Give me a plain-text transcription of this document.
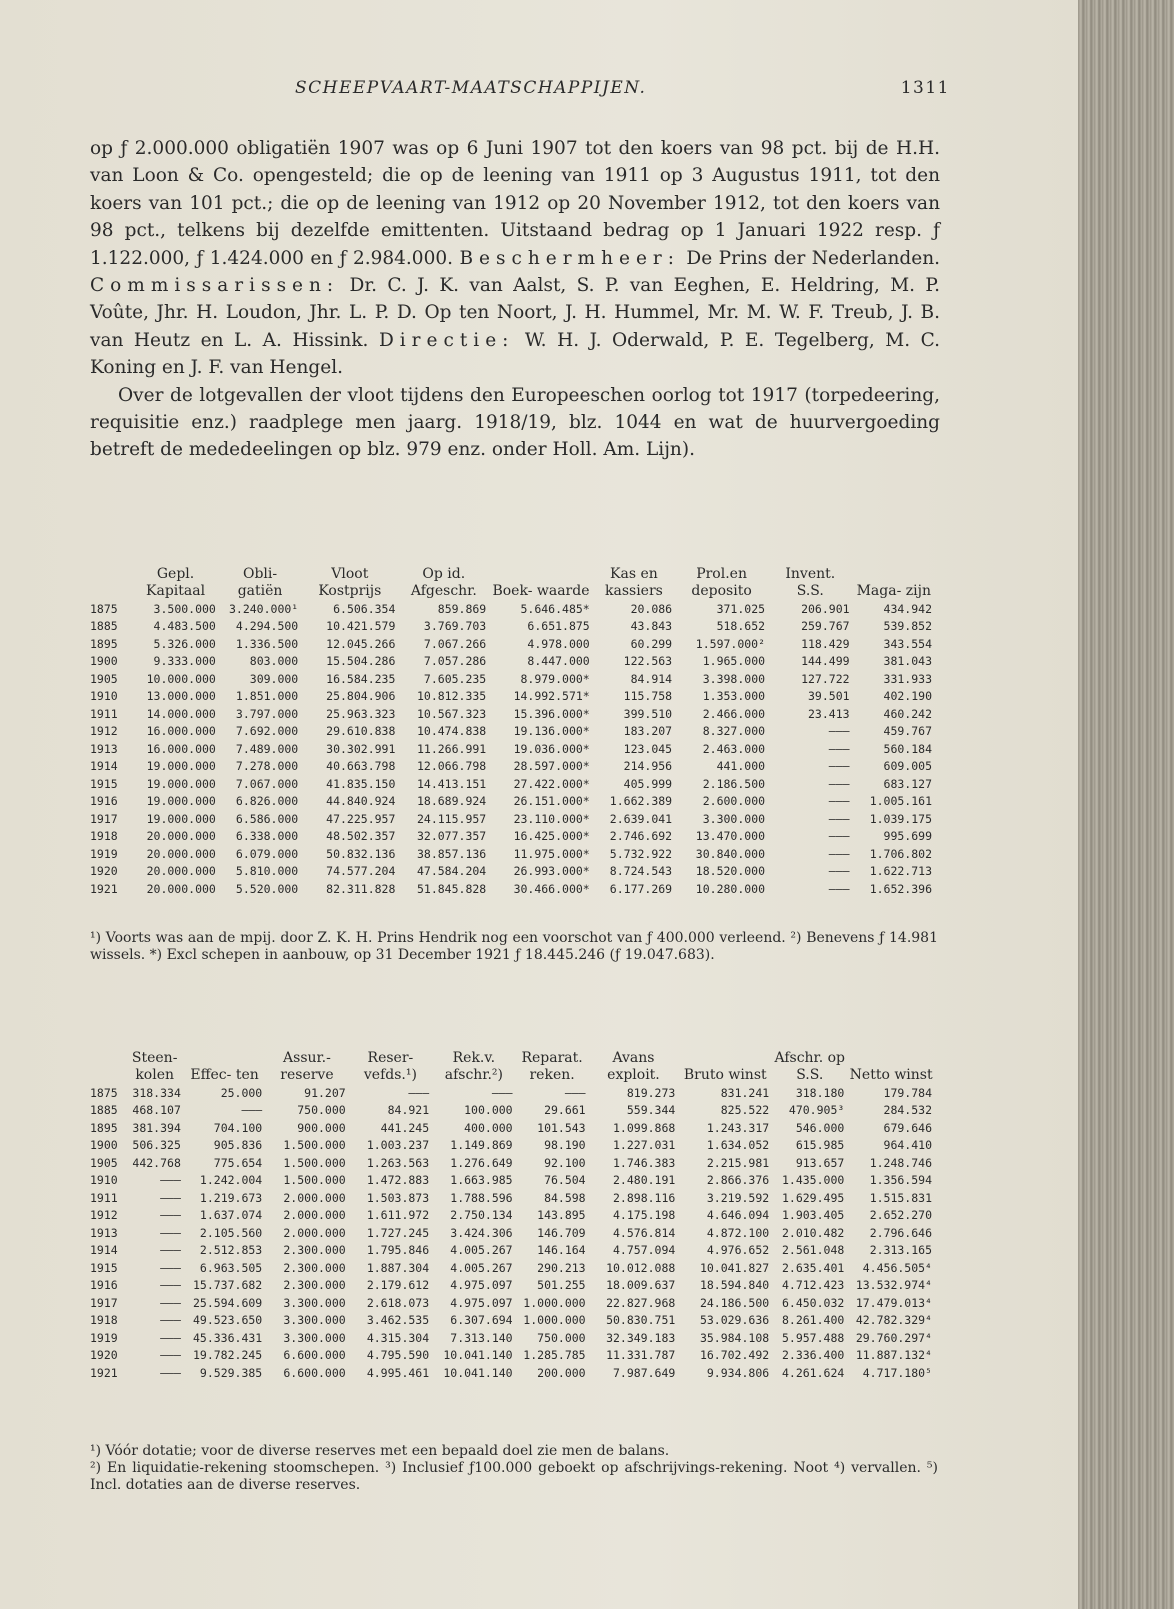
SCHEEPVAART-MAATSCHAPPIJEN.	1311

op ƒ 2.000.000 obligatiën 1907 was op 6 Juni 1907 tot den koers van 98 pct. bij de H.H. van Loon & Co. opengesteld; die op de leening van 1911 op 3 Augustus 1911, tot den koers van 101 pct.; die op de leening van 1912 op 20 November 1912, tot den koers van 98 pct., telkens bij dezelfde emittenten. Uitstaand bedrag op 1 Januari 1922 resp. ƒ 1.122.000, ƒ 1.424.000 en ƒ 2.984.000. Beschermheer: De Prins der Nederlanden. Commissarissen: Dr. C. J. K. van Aalst, S. P. van Eeghen, E. Heldring, M. P. Voûte, Jhr. H. Loudon, Jhr. L. P. D. Op ten Noort, J. H. Hummel, Mr. M. W. F. Treub, J. B. van Heutz en L. A. Hissink. Directie: W. H. J. Oderwald, P. E. Tegelberg, M. C. Koning en J. F. van Hengel.

Over de lotgevallen der vloot tijdens den Europeeschen oorlog tot 1917 (torpedeering, requisitie enz.) raadplege men jaarg. 1918/19, blz. 1044 en wat de huurvergoeding betreft de mededeelingen op blz. 979 enz. onder Holl. Am. Lijn).

	Gepl. Kapitaal	Obli- gatiën	Vloot Kostprijs	Op id. Afgeschr.	Boek- waarde	Kas en kassiers	Prol.en deposito	Invent. S.S.	Maga- zijn
1875	3.500.000	3.240.000¹	6.506.354	859.869	5.646.485*	20.086	371.025	206.901	434.942
1885	4.483.500	4.294.500	10.421.579	3.769.703	6.651.875	43.843	518.652	259.767	539.852
1895	5.326.000	1.336.500	12.045.266	7.067.266	4.978.000	60.299	1.597.000²	118.429	343.554
1900	9.333.000	803.000	15.504.286	7.057.286	8.447.000	122.563	1.965.000	144.499	381.043
1905	10.000.000	309.000	16.584.235	7.605.235	8.979.000*	84.914	3.398.000	127.722	331.933
1910	13.000.000	1.851.000	25.804.906	10.812.335	14.992.571*	115.758	1.353.000	39.501	402.190
1911	14.000.000	3.797.000	25.963.323	10.567.323	15.396.000*	399.510	2.466.000	23.413	460.242
1912	16.000.000	7.692.000	29.610.838	10.474.838	19.136.000*	183.207	8.327.000	———	459.767
1913	16.000.000	7.489.000	30.302.991	11.266.991	19.036.000*	123.045	2.463.000	———	560.184
1914	19.000.000	7.278.000	40.663.798	12.066.798	28.597.000*	214.956	441.000	———	609.005
1915	19.000.000	7.067.000	41.835.150	14.413.151	27.422.000*	405.999	2.186.500	———	683.127
1916	19.000.000	6.826.000	44.840.924	18.689.924	26.151.000*	1.662.389	2.600.000	———	1.005.161
1917	19.000.000	6.586.000	47.225.957	24.115.957	23.110.000*	2.639.041	3.300.000	———	1.039.175
1918	20.000.000	6.338.000	48.502.357	32.077.357	16.425.000*	2.746.692	13.470.000	———	995.699
1919	20.000.000	6.079.000	50.832.136	38.857.136	11.975.000*	5.732.922	30.840.000	———	1.706.802
1920	20.000.000	5.810.000	74.577.204	47.584.204	26.993.000*	8.724.543	18.520.000	———	1.622.713
1921	20.000.000	5.520.000	82.311.828	51.845.828	30.466.000*	6.177.269	10.280.000	———	1.652.396

¹) Voorts was aan de mpij. door Z. K. H. Prins Hendrik nog een voorschot van ƒ 400.000 verleend. ²) Benevens ƒ 14.981 wissels. *) Excl schepen in aanbouw, op 31 December 1921 ƒ 18.445.246 (ƒ 19.047.683).

	Steen- kolen	Effec- ten	Assur.- reserve	Reser- vefds.¹)	Rek.v. afschr.²)	Reparat. reken.	Avans exploit.	Bruto winst	Afschr. op S.S.	Netto winst
1875	318.334	25.000	91.207	———	———	———	819.273	831.241	318.180	179.784
1885	468.107	———	750.000	84.921	100.000	29.661	559.344	825.522	470.905³	284.532
1895	381.394	704.100	900.000	441.245	400.000	101.543	1.099.868	1.243.317	546.000	679.646
1900	506.325	905.836	1.500.000	1.003.237	1.149.869	98.190	1.227.031	1.634.052	615.985	964.410
1905	442.768	775.654	1.500.000	1.263.563	1.276.649	92.100	1.746.383	2.215.981	913.657	1.248.746
1910	———	1.242.004	1.500.000	1.472.883	1.663.985	76.504	2.480.191	2.866.376	1.435.000	1.356.594
1911	———	1.219.673	2.000.000	1.503.873	1.788.596	84.598	2.898.116	3.219.592	1.629.495	1.515.831
1912	———	1.637.074	2.000.000	1.611.972	2.750.134	143.895	4.175.198	4.646.094	1.903.405	2.652.270
1913	———	2.105.560	2.000.000	1.727.245	3.424.306	146.709	4.576.814	4.872.100	2.010.482	2.796.646
1914	———	2.512.853	2.300.000	1.795.846	4.005.267	146.164	4.757.094	4.976.652	2.561.048	2.313.165
1915	———	6.963.505	2.300.000	1.887.304	4.005.267	290.213	10.012.088	10.041.827	2.635.401	4.456.505⁴
1916	———	15.737.682	2.300.000	2.179.612	4.975.097	501.255	18.009.637	18.594.840	4.712.423	13.532.974⁴
1917	———	25.594.609	3.300.000	2.618.073	4.975.097	1.000.000	22.827.968	24.186.500	6.450.032	17.479.013⁴
1918	———	49.523.650	3.300.000	3.462.535	6.307.694	1.000.000	50.830.751	53.029.636	8.261.400	42.782.329⁴
1919	———	45.336.431	3.300.000	4.315.304	7.313.140	750.000	32.349.183	35.984.108	5.957.488	29.760.297⁴
1920	———	19.782.245	6.600.000	4.795.590	10.041.140	1.285.785	11.331.787	16.702.492	2.336.400	11.887.132⁴
1921	———	9.529.385	6.600.000	4.995.461	10.041.140	200.000	7.987.649	9.934.806	4.261.624	4.717.180⁵

¹) Vóór dotatie; voor de diverse reserves met een bepaald doel zie men de balans.

²) En liquidatie-rekening stoomschepen. ³) Inclusief ƒ100.000 geboekt op afschrijvings-rekening. Noot ⁴) vervallen. ⁵) Incl. dotaties aan de diverse reserves.
